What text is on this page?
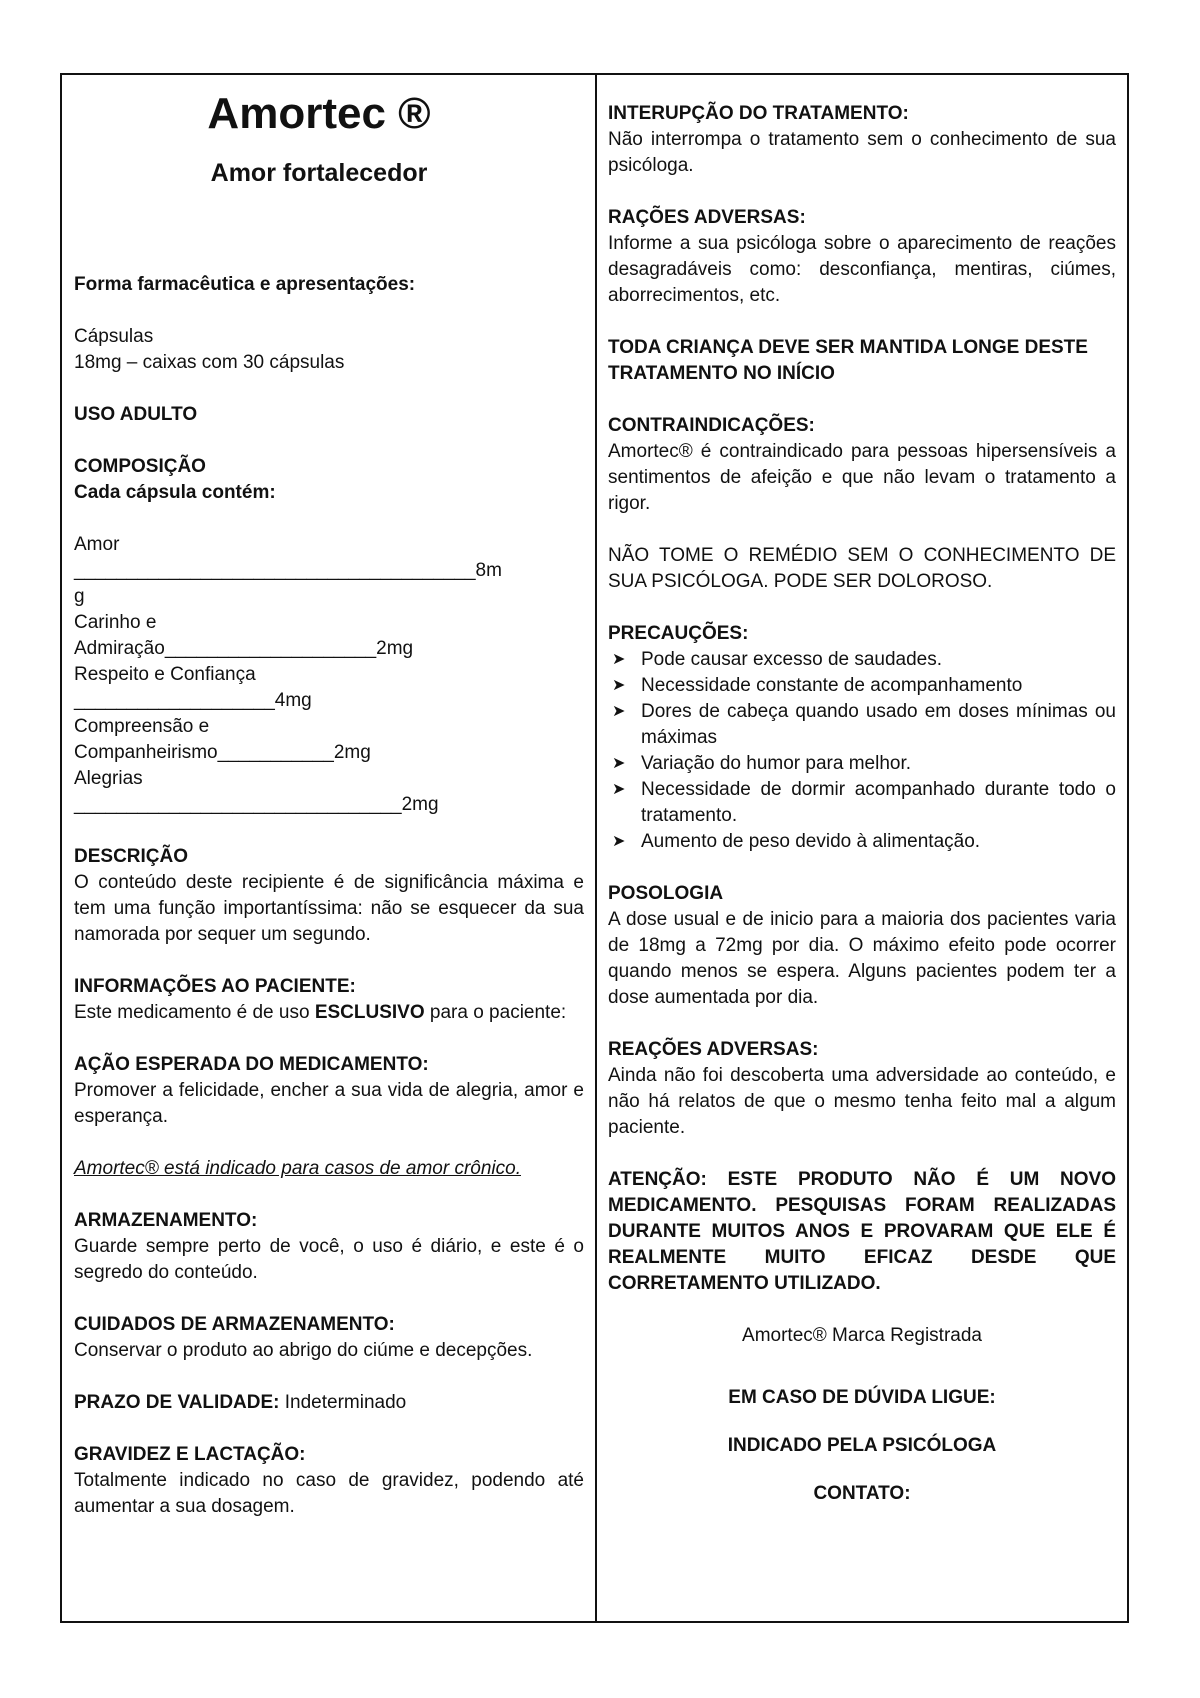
Amortec ®
Amor fortalecedor

Forma farmacêutica e apresentações:

Cápsulas

18mg – caixas com 30 cápsulas

USO ADULTO

COMPOSIÇÃO

Cada cápsula contém:

Amor

______________________________________8m

g

Carinho e

Admiração____________________2mg

Respeito e Confiança

___________________4mg

Compreensão e

Companheirismo___________2mg

Alegrias

_______________________________2mg

DESCRIÇÃO

O conteúdo deste recipiente é de significância máxima e tem uma função importantíssima: não se esquecer da sua namorada por sequer um segundo.

INFORMAÇÕES AO PACIENTE:

Este medicamento é de uso ESCLUSIVO para o paciente:

AÇÃO ESPERADA DO MEDICAMENTO:

Promover a felicidade, encher a sua vida de alegria, amor e esperança.

Amortec® está indicado para casos de amor crônico.

ARMAZENAMENTO:

Guarde sempre perto de você, o uso é diário, e este é o segredo do conteúdo.

CUIDADOS DE ARMAZENAMENTO:

Conservar o produto ao abrigo do ciúme e decepções.

PRAZO DE VALIDADE: Indeterminado

GRAVIDEZ E LACTAÇÃO:

Totalmente indicado no caso de gravidez, podendo até aumentar a sua dosagem.

INTERUPÇÃO DO TRATAMENTO:

Não interrompa o tratamento sem o conhecimento de sua psicóloga.

RAÇÕES ADVERSAS:

Informe a sua psicóloga sobre o aparecimento de reações desagradáveis como: desconfiança, mentiras, ciúmes, aborrecimentos, etc.

TODA CRIANÇA DEVE SER MANTIDA LONGE DESTE TRATAMENTO NO INÍCIO

CONTRAINDICAÇÕES:

Amortec® é contraindicado para pessoas hipersensíveis a sentimentos de afeição e que não levam o tratamento a rigor.

NÃO TOME O REMÉDIO SEM O CONHECIMENTO DE SUA PSICÓLOGA. PODE SER DOLOROSO.

PRECAUÇÕES:

➤ Pode causar excesso de saudades.
➤ Necessidade constante de acompanhamento
➤ Dores de cabeça quando usado em doses mínimas ou máximas
➤ Variação do humor para melhor.
➤ Necessidade de dormir acompanhado durante todo o tratamento.
➤ Aumento de peso devido à alimentação.

POSOLOGIA

A dose usual e de inicio para a maioria dos pacientes varia de 18mg a 72mg por dia. O máximo efeito pode ocorrer quando menos se espera. Alguns pacientes podem ter a dose aumentada por dia.

REAÇÕES ADVERSAS:

Ainda não foi descoberta uma adversidade ao conteúdo, e não há relatos de que o mesmo tenha feito mal a algum paciente.

ATENÇÃO: ESTE PRODUTO NÃO É UM NOVO MEDICAMENTO. PESQUISAS FORAM REALIZADAS DURANTE MUITOS ANOS E PROVARAM QUE ELE É REALMENTE MUITO EFICAZ DESDE QUE CORRETAMENTO UTILIZADO.

Amortec® Marca Registrada

EM CASO DE DÚVIDA LIGUE:

INDICADO PELA PSICÓLOGA

CONTATO:
